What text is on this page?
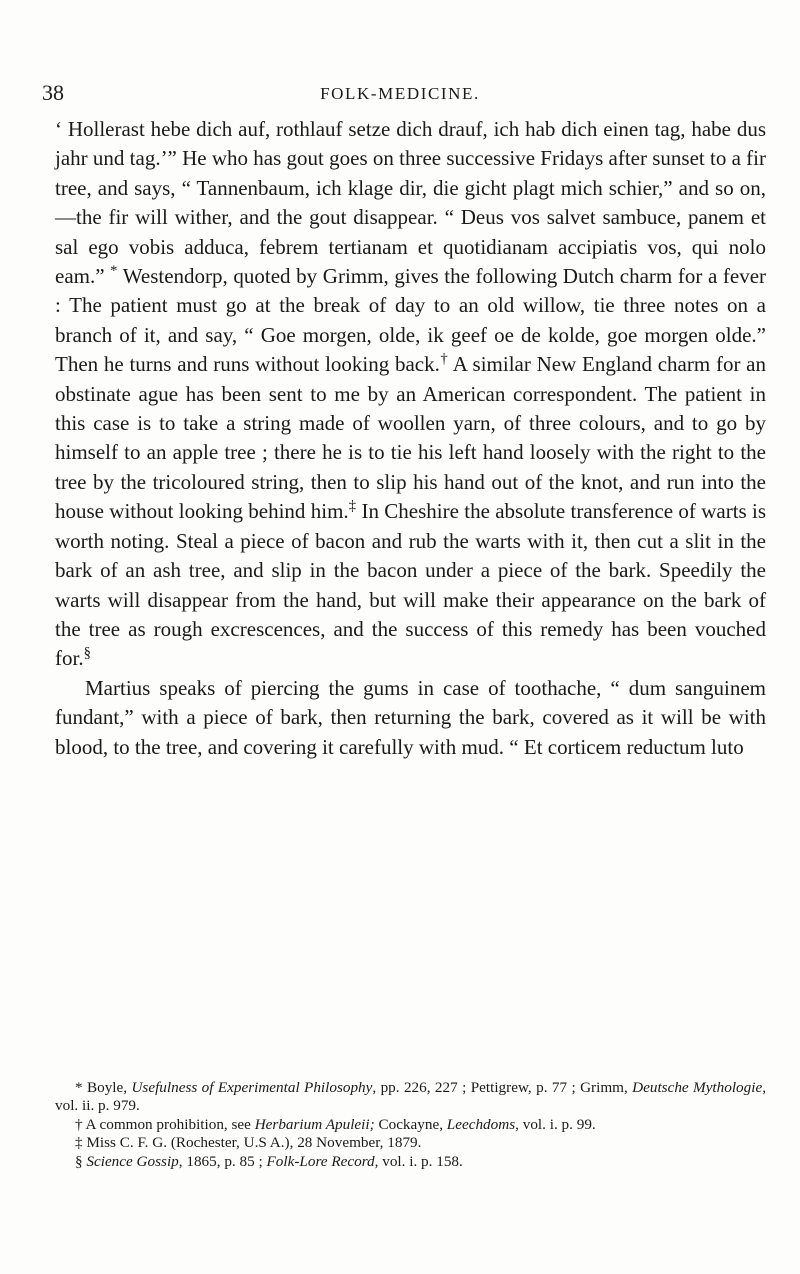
38	FOLK-MEDICINE.

‘ Hollerast hebe dich auf, rothlauf setze dich drauf, ich hab dich einen tag, habe dus jahr und tag.’” He who has gout goes on three successive Fridays after sunset to a fir tree, and says, “ Tannenbaum, ich klage dir, die gicht plagt mich schier,” and so on,—the fir will wither, and the gout disappear. “ Deus vos salvet sambuce, panem et sal ego vobis adduca, febrem tertianam et quotidianam accipiatis vos, qui nolo eam.” * Westendorp, quoted by Grimm, gives the following Dutch charm for a fever : The patient must go at the break of day to an old willow, tie three notes on a branch of it, and say, “ Goe morgen, olde, ik geef oe de kolde, goe morgen olde.” Then he turns and runs without looking back.† A similar New England charm for an obstinate ague has been sent to me by an American correspondent. The patient in this case is to take a string made of woollen yarn, of three colours, and to go by himself to an apple tree ; there he is to tie his left hand loosely with the right to the tree by the tricoloured string, then to slip his hand out of the knot, and run into the house without looking behind him.‡ In Cheshire the absolute transference of warts is worth noting. Steal a piece of bacon and rub the warts with it, then cut a slit in the bark of an ash tree, and slip in the bacon under a piece of the bark. Speedily the warts will disappear from the hand, but will make their appearance on the bark of the tree as rough excrescences, and the success of this remedy has been vouched for.§

Martius speaks of piercing the gums in case of toothache, “ dum sanguinem fundant,” with a piece of bark, then returning the bark, covered as it will be with blood, to the tree, and covering it carefully with mud. “ Et corticem reductum luto

* Boyle, Usefulness of Experimental Philosophy, pp. 226, 227 ; Pettigrew, p. 77 ; Grimm, Deutsche Mythologie, vol. ii. p. 979.

† A common prohibition, see Herbarium Apuleii; Cockayne, Leechdoms, vol. i. p. 99.

‡ Miss C. F. G. (Rochester, U.S A.), 28 November, 1879.

§ Science Gossip, 1865, p. 85 ; Folk-Lore Record, vol. i. p. 158.
